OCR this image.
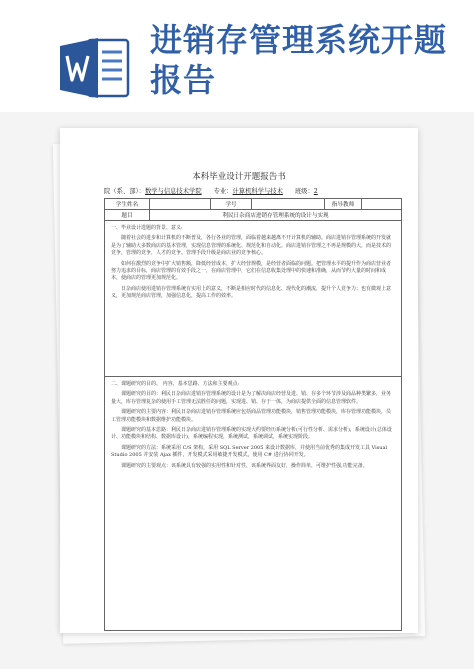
进销存管理系统开题报告
本科毕业设计开题报告书
院（系、部）：数学与信息技术学院 专业：计算机科学与技术 班级：2
学生姓名	学号	指导教师
题目	利民日杂商店进销存管理系统的设计与实现
一、毕业设计选题的背景、意义:

随着社会的进步和计算机的不断普及，各行各业的管理，面临着越来越离不开计算机的辅助。商店进销存管理系统的开发就是为了辅助大多数商店的基本管理，实现信息管理的系统化、规范化和自动化。商店进销存管理之不再是规模的大，而是技术的竞争，管理的竞争，人才的竞争。管理手段升级是商店业的竞争核心。

如何在激烈的竞争中扩大销售额，降低经营成本，扩大经营规模，是经营者面临的问题。把管理水平的提升作为商店营业者努力追求的目标，商店管理的有效手段之一，在商店管理中，它们在信息收集处理中的快速和准确，从而节约大量的时间和成本，使商店的管理更加规范化。

日杂商店使用进销存管理系统有实用上的意义，不断是相应时代的信息化、现代化的潮流，提升个人竞争力；也有微观上意义，更加规范商店管理，加强信息化，提高工作的效率。

二、课题研究的目的、 内容、基本思路、方法和主要观点:

课题研究的目的：利民日杂商店进销存管理系统的设计是为了解决商店经营及进、销、存多个环节涉及商品种类繁多，业务量大，库存管理复杂的使用手工管理无法胜任的问题，实现进、销、存于一体，为商店提供全面的信息管理软件。

课题研究的主要内容：利民日杂商店进销存管理系统应包括商品管理功能模块，销售管理功能模块，库存管理功能模块，员工管理功能模块和数据维护功能模块。

课题研究的基本思路：利民日杂商店进销存管理系统的实现大约要经历系统分析(可行性分析、需求分析)，系统设计(总体设计、功能模块和结构、数据库设计)，系统编程实现，系统测试，系统调试，系统实现阶段。

课题研究的方法：系统采用 C/S 架构，采用 SQL Server 2005 来设计数据库，并使用当前优秀的集成开发工具 Visual Studio 2005 并安装 Ajax 插件，开发模式采用敏捷开发模式，使用 C# 进行协同开发。

课题研究的主要观点：该系统具有较强的实用性和针对性，该系统界面友好，操作简单，可维护性强,功能完备。
